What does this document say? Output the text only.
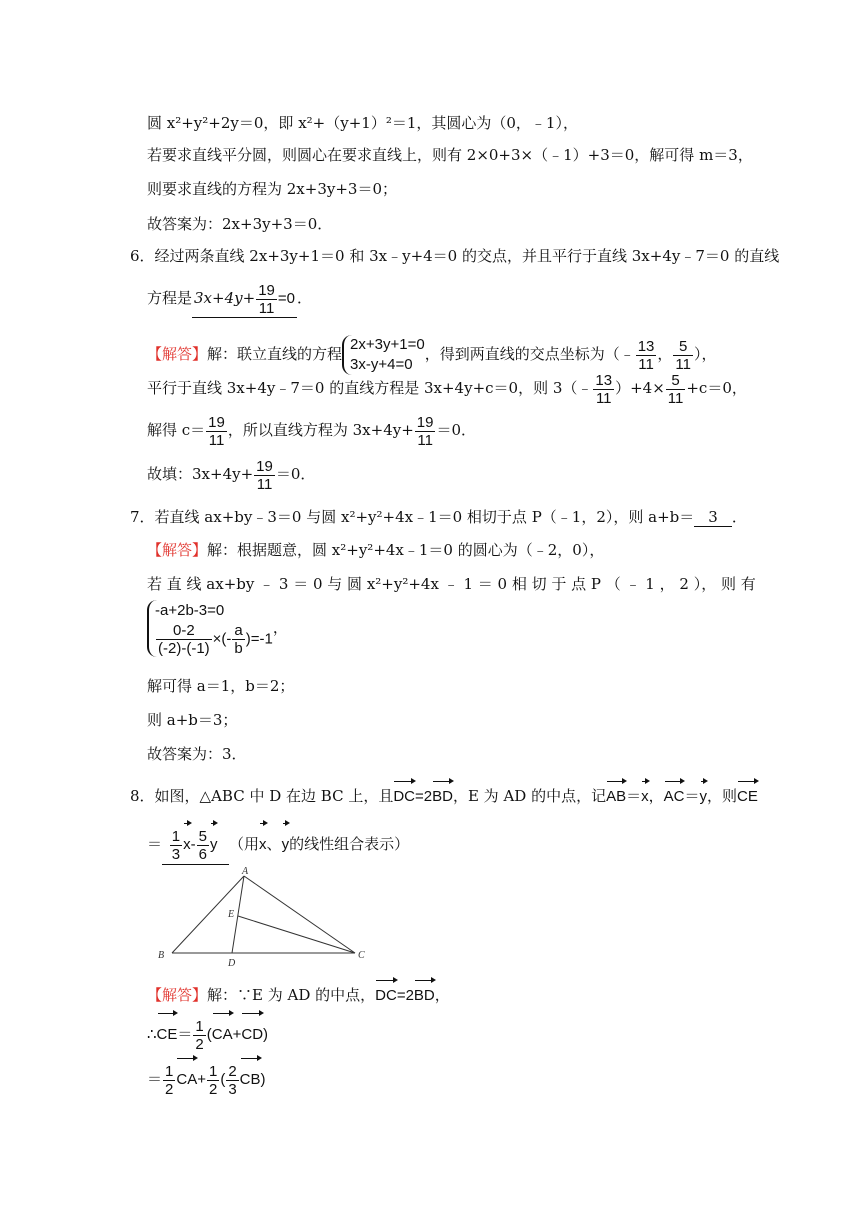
圆 x²+y²+2y＝0，即 x²+（y+1）²＝1，其圆心为（0，﹣1），
若要求直线平分圆，则圆心在要求直线上，则有 2×0+3×（﹣1）+3＝0，解可得 m＝3，
则要求直线的方程为 2x+3y+3＝0；
故答案为：2x+3y+3＝0．
6．经过两条直线 2x+3y+1＝0 和 3x﹣y+4＝0 的交点，并且平行于直线 3x+4y﹣7＝0 的直线
方程是 $3x+4y+ \frac{19}{11} =0$ ．
【解答】解：联立直线的方程
2x+3y+1=0
3x-y+4=0
，得到两直线的交点坐标为（﹣ $\frac{13}{11}$ ， $\frac{5}{11}$ ），
平行于直线 3x+4y﹣7＝0 的直线方程是 3x+4y+c＝0，则 3（﹣ $\frac{13}{11} )+4\times \frac{5}{11} +c=0$，
解得 $c= \frac{19}{11}$ ，所以直线方程为 $3x+4y+ \frac{19}{11} =0$．
故填：$3x+4y+ \frac{19}{11} =0$．
7．若直线 ax+by﹣3＝0 与圆 x²+y²+4x﹣1＝0 相切于点 P（﹣1，2），则 a+b＝ 3 ．
【解答】解：根据题意，圆 x²+y²+4x﹣1＝0 的圆心为（﹣2，0），
若 直 线 ax+by ﹣ 3 ＝ 0 与 圆 x²+y²+4x ﹣ 1 ＝ 0 相 切 于 点 P （ ﹣ 1 ， 2 ）， 则 有
-a+2b-3=0
$\frac{0-2}{(-2)-(-1)}$ ×(- $\frac{a}{b} )=-1$
，
解可得 a＝1，b＝2；
则 a+b＝3；
故答案为：3．
8．如图，△ABC 中 D 在边 BC 上，且DC=2BD，E 为 AD 的中点，记AB＝x，AC＝y，则CE
＝ $\frac{1}{3} x- \frac{5}{6}$ y （用x、y的线性组合表示）
A
B	C
D
E
【解答】解：∵E 为 AD 的中点，DC=2BD，
∴CE＝ $\frac{1}{2} (CA+CD)$
＝ $\frac{1}{2} CA+ \frac{1}{2}$ ( $\frac{2}{3} CB$)
